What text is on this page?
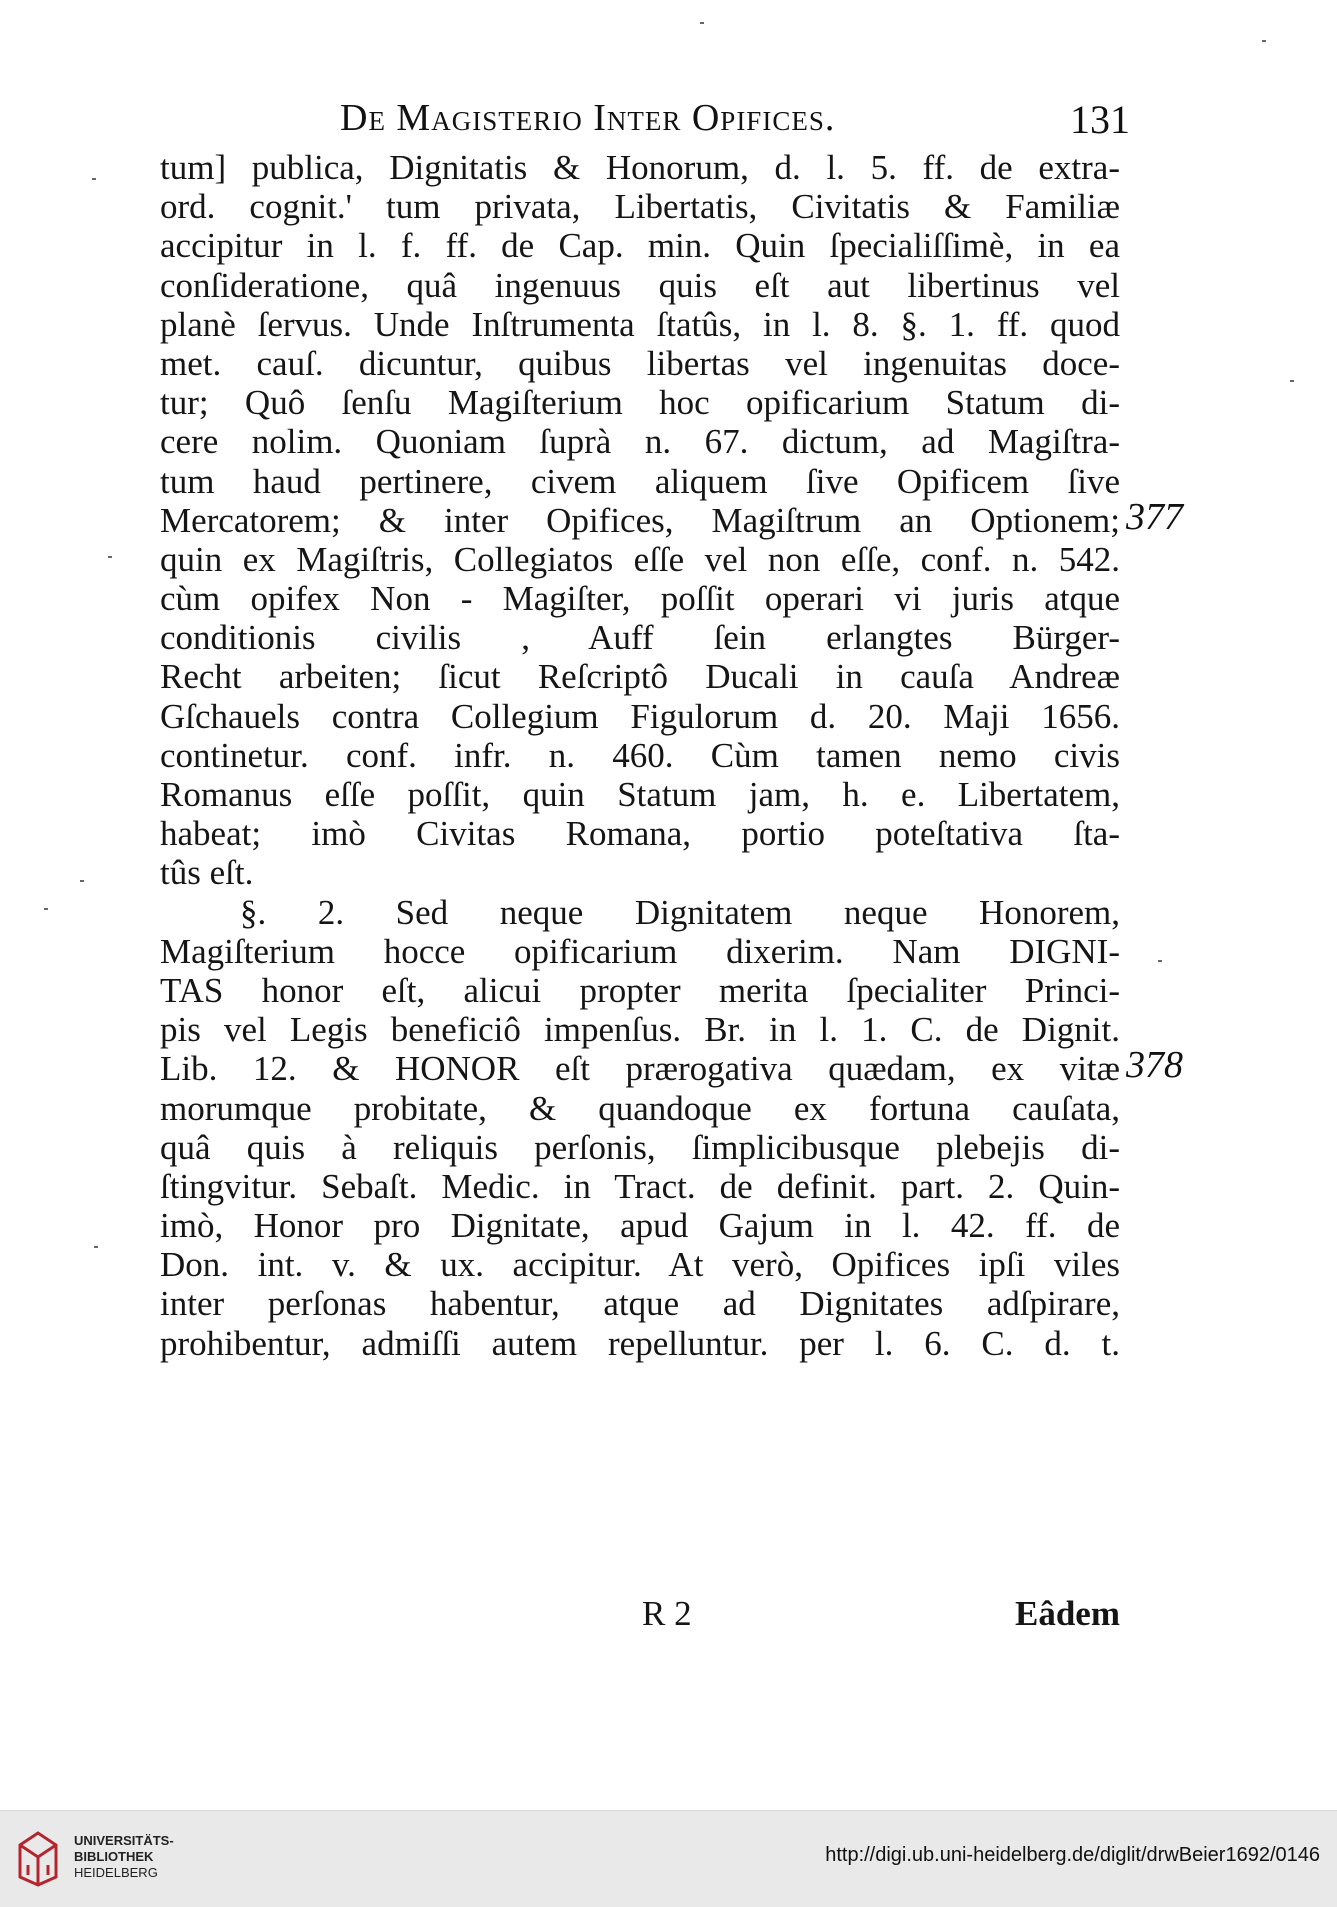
De Magisterio Inter Opifices.	131
tum] publica, Dignitatis & Honorum, d. l. 5. ff. de extra-
ord. cognit.' tum privata, Libertatis, Civitatis & Familiæ
accipitur in l. f. ff. de Cap. min. Quin ſpecialiſſimè, in ea
conſideratione, quâ ingenuus quis eſt aut libertinus vel
planè ſervus. Unde Inſtrumenta ſtatûs, in l. 8. §. 1. ff. quod
met. cauſ. dicuntur, quibus libertas vel ingenuitas doce-
tur; Quô ſenſu Magiſterium hoc opificarium Statum di-
cere nolim. Quoniam ſuprà n. 67. dictum, ad Magiſtra-
tum haud pertinere, civem aliquem ſive Opificem ſive
Mercatorem; & inter Opifices, Magiſtrum an Optionem;
quin ex Magiſtris, Collegiatos eſſe vel non eſſe, conf. n. 542.
cùm opifex Non - Magiſter, poſſit operari vi juris atque
conditionis civilis , Auff ſein erlangtes Bürger-
Recht arbeiten; ſicut Reſcriptô Ducali in cauſa Andreæ
Gſchauels contra Collegium Figulorum d. 20. Maji 1656.
continetur. conf. infr. n. 460. Cùm tamen nemo civis
Romanus eſſe poſſit, quin Statum jam, h. e. Libertatem,
habeat; imò Civitas Romana, portio poteſtativa ſta-
tûs eſt.
§. 2. Sed neque Dignitatem neque Honorem,
Magiſterium hocce opificarium dixerim. Nam DIGNI-
TAS honor eſt, alicui propter merita ſpecialiter Princi-
pis vel Legis beneficiô impenſus. Br. in l. 1. C. de Dignit.
Lib. 12. & HONOR eſt prærogativa quædam, ex vitæ
morumque probitate, & quandoque ex fortuna cauſata,
quâ quis à reliquis perſonis, ſimplicibusque plebejis di-
ſtingvitur. Sebaſt. Medic. in Tract. de definit. part. 2. Quin-
imò, Honor pro Dignitate, apud Gajum in l. 42. ff. de
Don. int. v. & ux. accipitur. At verò, Opifices ipſi viles
inter perſonas habentur, atque ad Dignitates adſpirare,
prohibentur, admiſſi autem repelluntur. per l. 6. C. d. t.
377
378
R 2	Eâdem
UNIVERSITÄTS-
BIBLIOTHEK
HEIDELBERG
http://digi.ub.uni-heidelberg.de/diglit/drwBeier1692/0146
